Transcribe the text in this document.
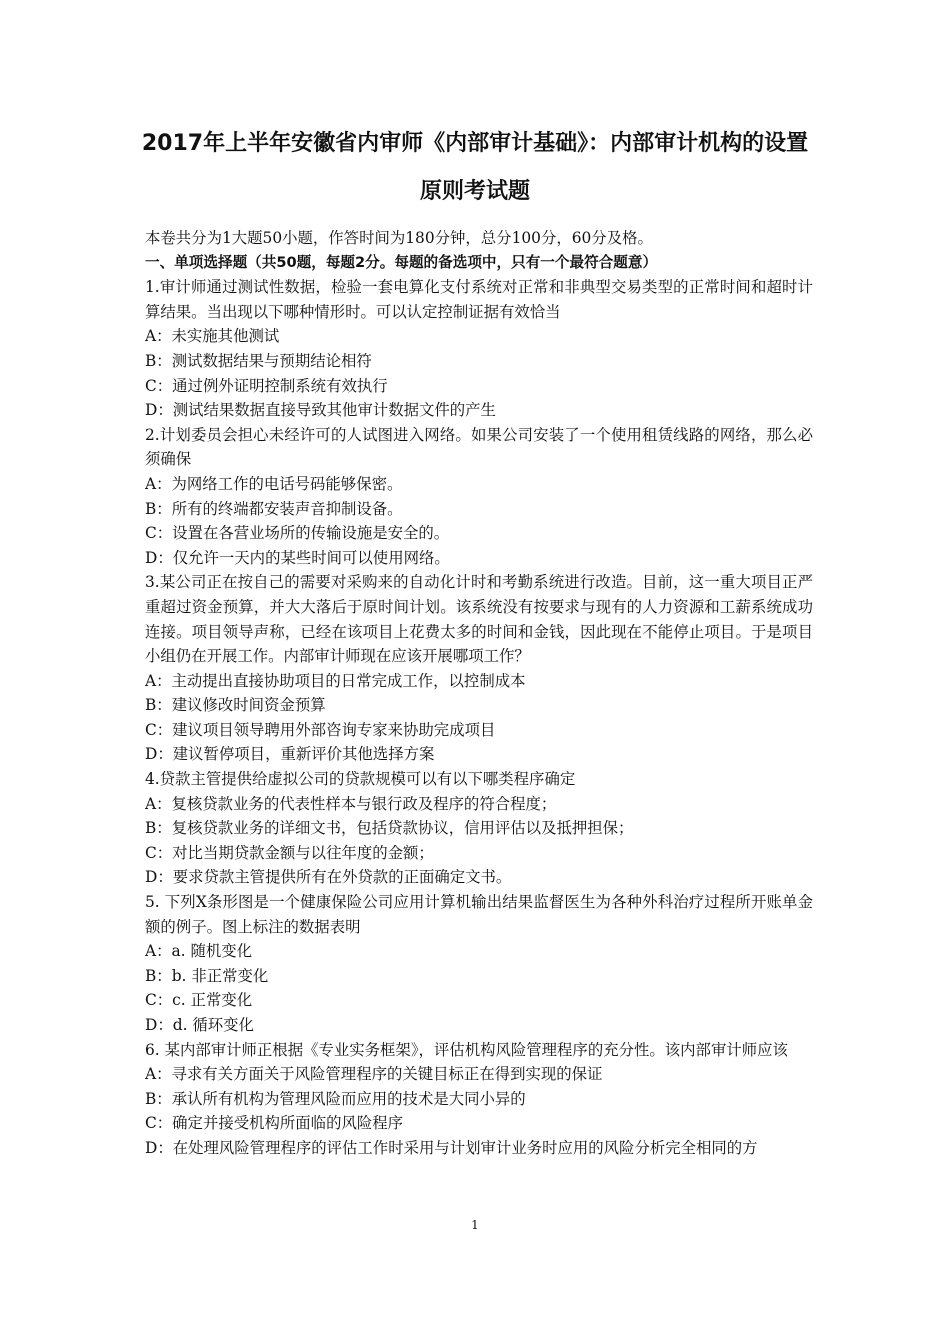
2017年上半年安徽省内审师《内部审计基础》：内部审计机构的设置
原则考试题

本卷共分为1大题50小题，作答时间为180分钟，总分100分，60分及格。

一、单项选择题（共50题，每题2分。每题的备选项中，只有一个最符合题意）

1.审计师通过测试性数据，检验一套电算化支付系统对正常和非典型交易类型的正常时间和超时计算结果。当出现以下哪种情形时。可以认定控制证据有效恰当

A：未实施其他测试

B：测试数据结果与预期结论相符

C：通过例外证明控制系统有效执行

D：测试结果数据直接导致其他审计数据文件的产生

2.计划委员会担心未经许可的人试图进入网络。如果公司安装了一个使用租赁线路的网络，那么必须确保

A：为网络工作的电话号码能够保密。

B：所有的终端都安装声音抑制设备。

C：设置在各营业场所的传输设施是安全的。

D：仅允许一天内的某些时间可以使用网络。

3.某公司正在按自己的需要对采购来的自动化计时和考勤系统进行改造。目前，这一重大项目正严重超过资金预算，并大大落后于原时间计划。该系统没有按要求与现有的人力资源和工薪系统成功连接。项目领导声称，已经在该项目上花费太多的时间和金钱，因此现在不能停止项目。于是项目小组仍在开展工作。内部审计师现在应该开展哪项工作？

A：主动提出直接协助项目的日常完成工作，以控制成本

B：建议修改时间资金预算

C：建议项目领导聘用外部咨询专家来协助完成项目

D：建议暂停项目，重新评价其他选择方案

4.贷款主管提供给虚拟公司的贷款规模可以有以下哪类程序确定

A：复核贷款业务的代表性样本与银行政及程序的符合程度；

B：复核贷款业务的详细文书，包括贷款协议，信用评估以及抵押担保；

C：对比当期贷款金额与以往年度的金额；

D：要求贷款主管提供所有在外贷款的正面确定文书。

5. 下列X条形图是一个健康保险公司应用计算机输出结果监督医生为各种外科治疗过程所开账单金额的例子。图上标注的数据表明

A：a. 随机变化

B：b. 非正常变化

C：c. 正常变化

D：d. 循环变化

6. 某内部审计师正根据《专业实务框架》，评估机构风险管理程序的充分性。该内部审计师应该

A：寻求有关方面关于风险管理程序的关键目标正在得到实现的保证

B：承认所有机构为管理风险而应用的技术是大同小异的

C：确定并接受机构所面临的风险程序

D：在处理风险管理程序的评估工作时采用与计划审计业务时应用的风险分析完全相同的方

1
